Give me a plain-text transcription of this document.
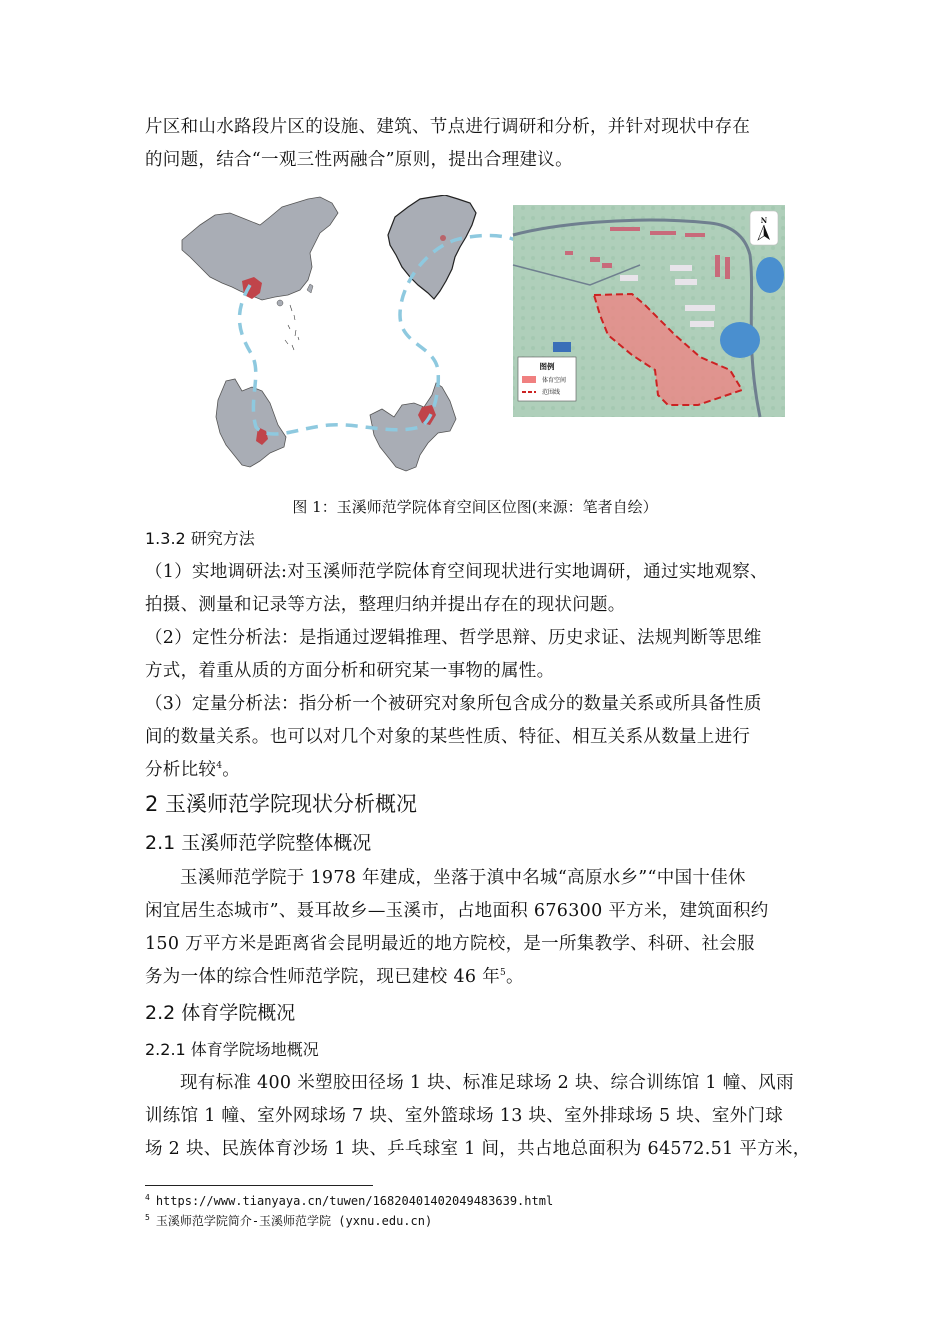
片区和山水路段片区的设施、建筑、节点进行调研和分析，并针对现状中存在
的问题，结合“一观三性两融合”原则，提出合理建议。
N
图例
体育空间
范围线
图 1：玉溪师范学院体育空间区位图(来源：笔者自绘）
1.3.2 研究方法
（1）实地调研法:对玉溪师范学院体育空间现状进行实地调研，通过实地观察、
拍摄、测量和记录等方法，整理归纳并提出存在的现状问题。
（2）定性分析法：是指通过逻辑推理、哲学思辩、历史求证、法规判断等思维
方式，着重从质的方面分析和研究某一事物的属性。
（3）定量分析法：指分析一个被研究对象所包含成分的数量关系或所具备性质
间的数量关系。也可以对几个对象的某些性质、特征、相互关系从数量上进行
分析比较$^4$。
2 玉溪师范学院现状分析概况
2.1 玉溪师范学院整体概况
玉溪师范学院于 1978 年建成，坐落于滇中名城“高原水乡”“中国十佳休
闲宜居生态城市”、聂耳故乡—玉溪市，占地面积 676300 平方米，建筑面积约
150 万平方米是距离省会昆明最近的地方院校，是一所集教学、科研、社会服
务为一体的综合性师范学院，现已建校 46 年$^5$。
2.2 体育学院概况
2.2.1 体育学院场地概况
现有标准 400 米塑胶田径场 1 块、标准足球场 2 块、综合训练馆 1 幢、风雨
训练馆 1 幢、室外网球场 7 块、室外篮球场 13 块、室外排球场 5 块、室外门球
场 2 块、民族体育沙场 1 块、乒乓球室 1 间，共占地总面积为 64572.51 平方米，
$^4$ https://www.tianyaya.cn/tuwen/16820401402049483639.html
$^5$ 玉溪师范学院简介-玉溪师范学院 (yxnu.edu.cn)
